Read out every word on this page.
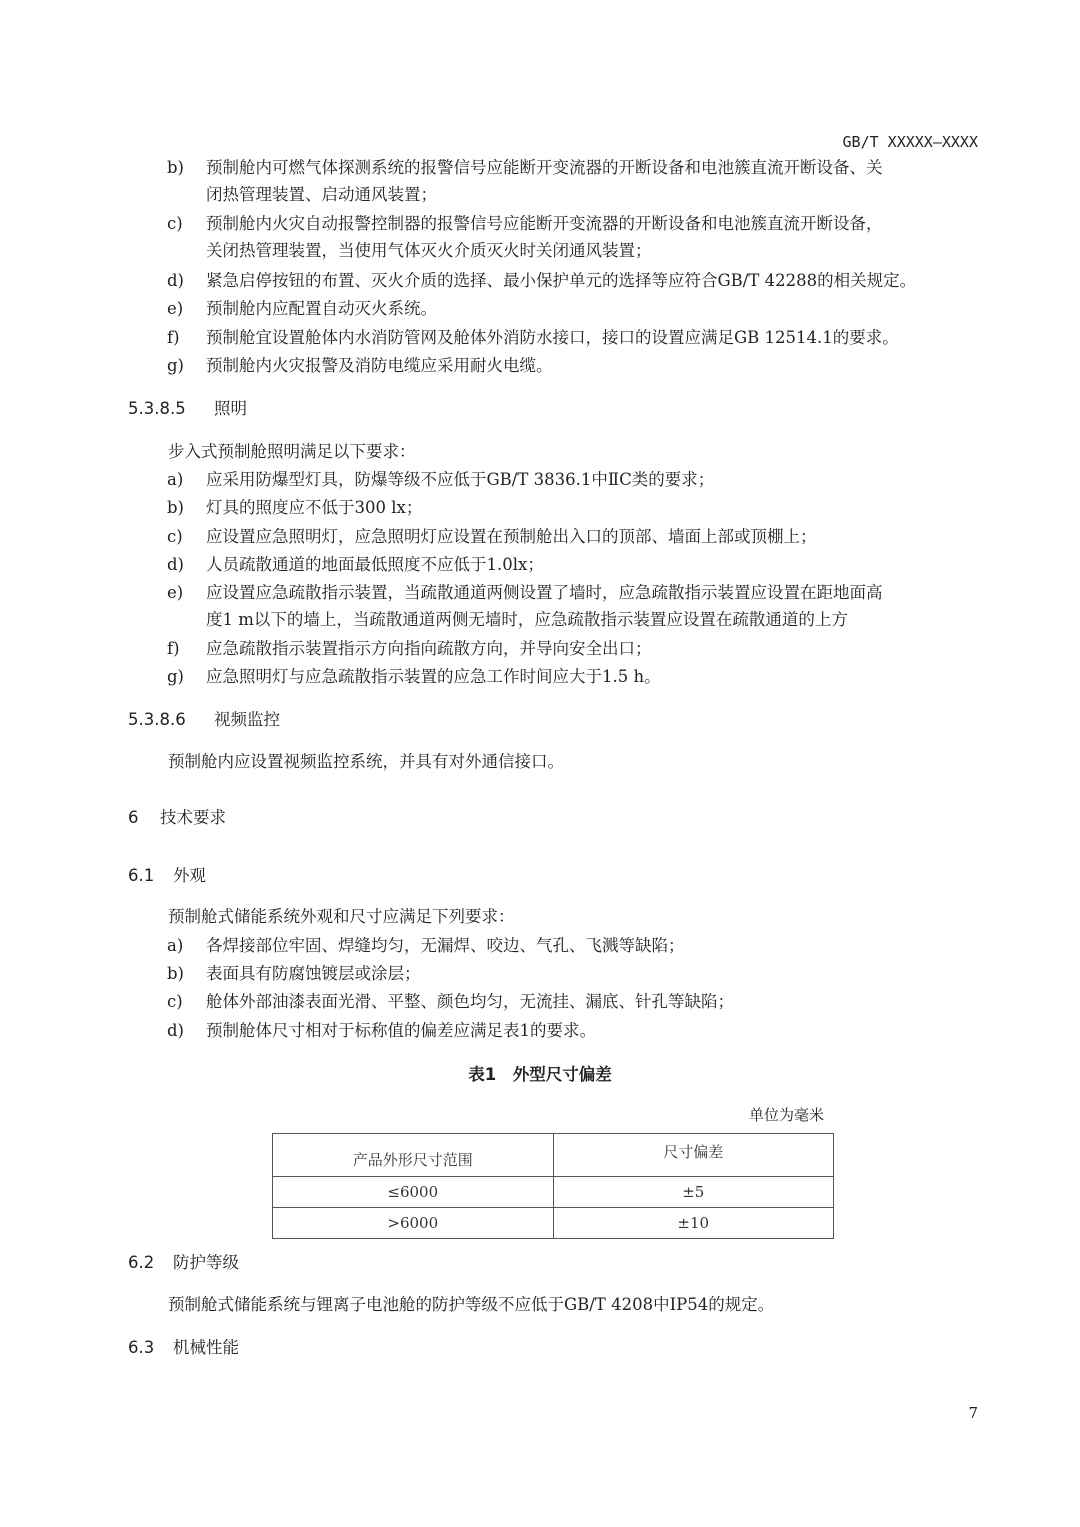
GB/T XXXXX—XXXX
b) 预制舱内可燃气体探测系统的报警信号应能断开变流器的开断设备和电池簇直流开断设备、关
闭热管理装置、启动通风装置；
c) 预制舱内火灾自动报警控制器的报警信号应能断开变流器的开断设备和电池簇直流开断设备，
关闭热管理装置，当使用气体灭火介质灭火时关闭通风装置；
d) 紧急启停按钮的布置、灭火介质的选择、最小保护单元的选择等应符合GB/T 42288的相关规定。
e) 预制舱内应配置自动灭火系统。
f) 预制舱宜设置舱体内水消防管网及舱体外消防水接口，接口的设置应满足GB 12514.1的要求。
g) 预制舱内火灾报警及消防电缆应采用耐火电缆。
5.3.8.5 照明
步入式预制舱照明满足以下要求：
a) 应采用防爆型灯具，防爆等级不应低于GB/T 3836.1中ⅡC类的要求；
b) 灯具的照度应不低于300 lx；
c) 应设置应急照明灯，应急照明灯应设置在预制舱出入口的顶部、墙面上部或顶棚上；
d) 人员疏散通道的地面最低照度不应低于1.0lx；
e) 应设置应急疏散指示装置，当疏散通道两侧设置了墙时，应急疏散指示装置应设置在距地面高
度1 m以下的墙上，当疏散通道两侧无墙时，应急疏散指示装置应设置在疏散通道的上方
f) 应急疏散指示装置指示方向指向疏散方向，并导向安全出口；
g) 应急照明灯与应急疏散指示装置的应急工作时间应大于1.5 h。
5.3.8.6 视频监控
预制舱内应设置视频监控系统，并具有对外通信接口。
6 技术要求
6.1 外观
预制舱式储能系统外观和尺寸应满足下列要求：
a) 各焊接部位牢固、焊缝均匀，无漏焊、咬边、气孔、飞溅等缺陷；
b) 表面具有防腐蚀镀层或涂层；
c) 舱体外部油漆表面光滑、平整、颜色均匀，无流挂、漏底、针孔等缺陷；
d) 预制舱体尺寸相对于标称值的偏差应满足表1的要求。
表1　外型尺寸偏差
单位为毫米
产品外形尺寸范围	尺寸偏差
≤6000	±5
>6000	±10
6.2 防护等级
预制舱式储能系统与锂离子电池舱的防护等级不应低于GB/T 4208中IP54的规定。
6.3 机械性能
7
